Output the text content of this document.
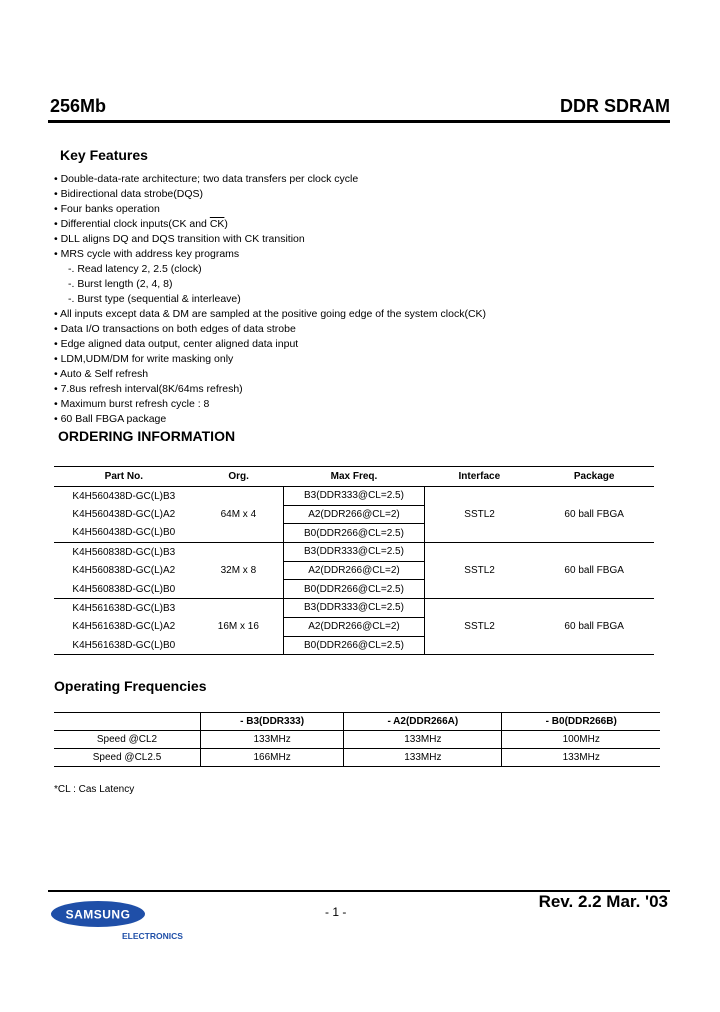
256Mb	DDR SDRAM
Key Features
• Double-data-rate architecture; two data transfers per clock cycle
• Bidirectional data strobe(DQS)
• Four banks operation
• Differential clock inputs(CK and $\overline{CK}$)
• DLL aligns DQ and DQS transition with CK transition
• MRS cycle with address key programs
-. Read latency 2, 2.5 (clock)
-. Burst length (2, 4, 8)
-. Burst type (sequential & interleave)
• All inputs except data & DM are sampled at the positive going edge of the system clock(CK)
• Data I/O transactions on both edges of data strobe
• Edge aligned data output, center aligned data input
• LDM,UDM/DM for write masking only
• Auto & Self refresh
• 7.8us refresh interval(8K/64ms refresh)
• Maximum burst refresh cycle : 8
• 60 Ball FBGA package
ORDERING INFORMATION
Part No.	Org.	Max Freq.	Interface	Package
K4H560438D-GC(L)B3	64M x 4	B3(DDR333@CL=2.5)	SSTL2	60 ball FBGA
K4H560438D-GC(L)A2		A2(DDR266@CL=2)		
K4H560438D-GC(L)B0		B0(DDR266@CL=2.5)		
K4H560838D-GC(L)B3	32M x 8	B3(DDR333@CL=2.5)	SSTL2	60 ball FBGA
K4H560838D-GC(L)A2		A2(DDR266@CL=2)		
K4H560838D-GC(L)B0		B0(DDR266@CL=2.5)		
K4H561638D-GC(L)B3	16M x 16	B3(DDR333@CL=2.5)	SSTL2	60 ball FBGA
K4H561638D-GC(L)A2		A2(DDR266@CL=2)		
K4H561638D-GC(L)B0		B0(DDR266@CL=2.5)		
Operating Frequencies
	- B3(DDR333)	- A2(DDR266A)	- B0(DDR266B)
Speed @CL2	133MHz	133MHz	100MHz
Speed @CL2.5	166MHz	133MHz	133MHz
*CL : Cas Latency
SAMSUNG
ELECTRONICS
- 1 -
Rev. 2.2 Mar. '03
